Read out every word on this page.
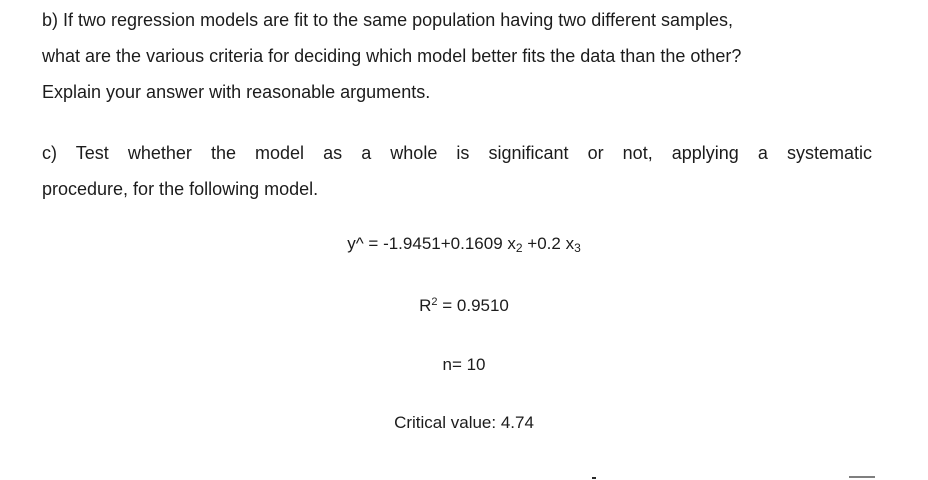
b) If two regression models are fit to the same population having two different samples,
what are the various criteria for deciding which model better fits the data than the other?
Explain your answer with reasonable arguments.
c) Test whether the model as a whole is significant or not, applying a systematic
procedure, for the following model.
y^ = -1.9451+0.1609 $x_2 +0.2$ $x_3$
$R^2 = 0.9510$
n= 10
Critical value: 4.74
